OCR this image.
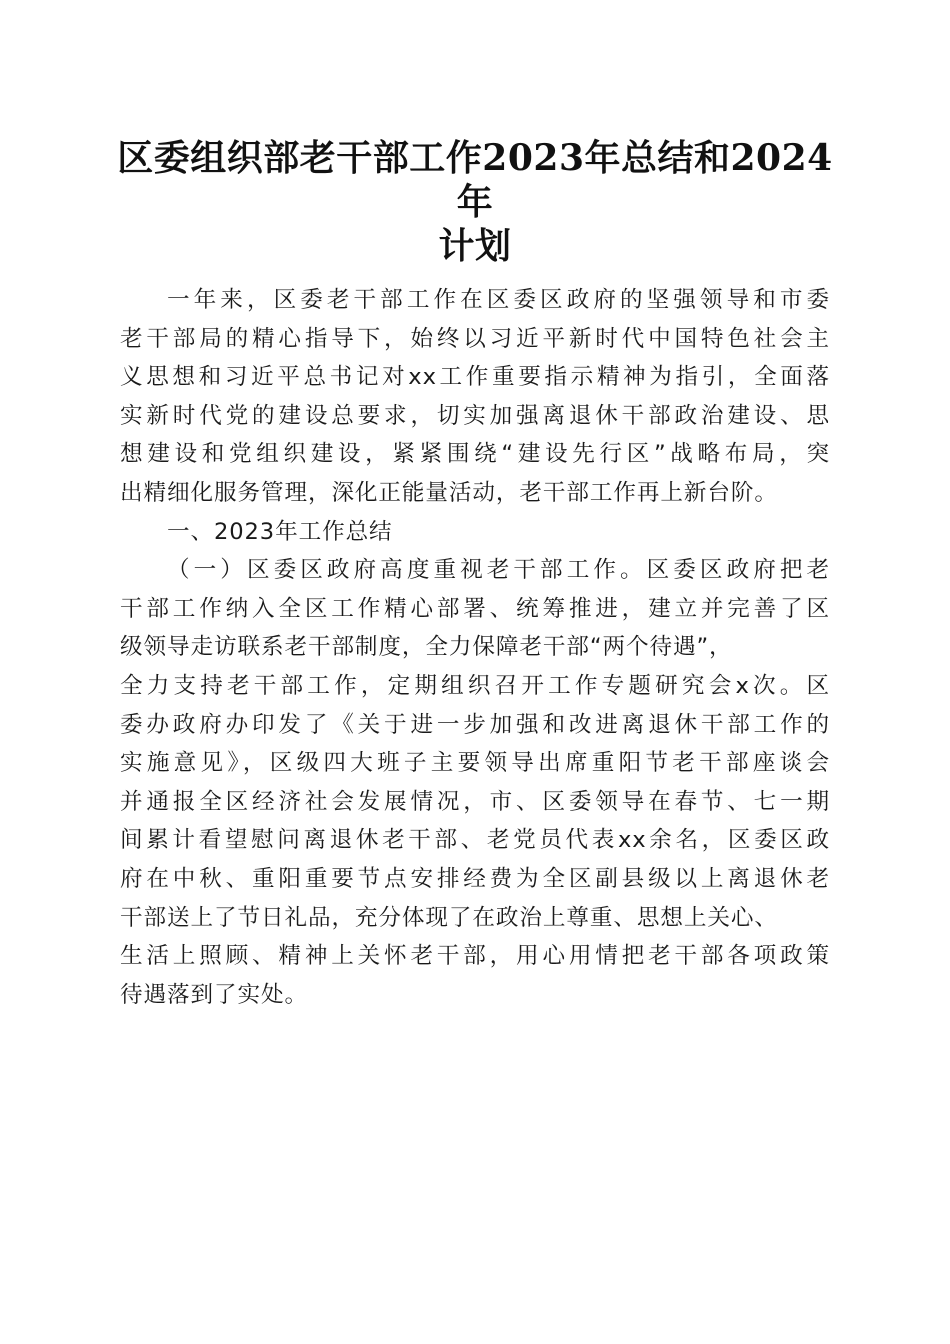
区委组织部老干部工作2023年总结和2024年
计划
一年来，区委老干部工作在区委区政府的坚强领导和市委
老干部局的精心指导下，始终以习近平新时代中国特色社会主
义思想和习近平总书记对xx工作重要指示精神为指引，全面落
实新时代党的建设总要求，切实加强离退休干部政治建设、思
想建设和党组织建设，紧紧围绕“建设先行区”战略布局，突
出精细化服务管理，深化正能量活动，老干部工作再上新台阶。
一、2023年工作总结
（一）区委区政府高度重视老干部工作。区委区政府把老
干部工作纳入全区工作精心部署、统筹推进，建立并完善了区
级领导走访联系老干部制度，全力保障老干部“两个待遇”，
全力支持老干部工作，定期组织召开工作专题研究会x次。区
委办政府办印发了《关于进一步加强和改进离退休干部工作的
实施意见》，区级四大班子主要领导出席重阳节老干部座谈会
并通报全区经济社会发展情况，市、区委领导在春节、七一期
间累计看望慰问离退休老干部、老党员代表xx余名，区委区政
府在中秋、重阳重要节点安排经费为全区副县级以上离退休老
干部送上了节日礼品，充分体现了在政治上尊重、思想上关心、
生活上照顾、精神上关怀老干部，用心用情把老干部各项政策
待遇落到了实处。
